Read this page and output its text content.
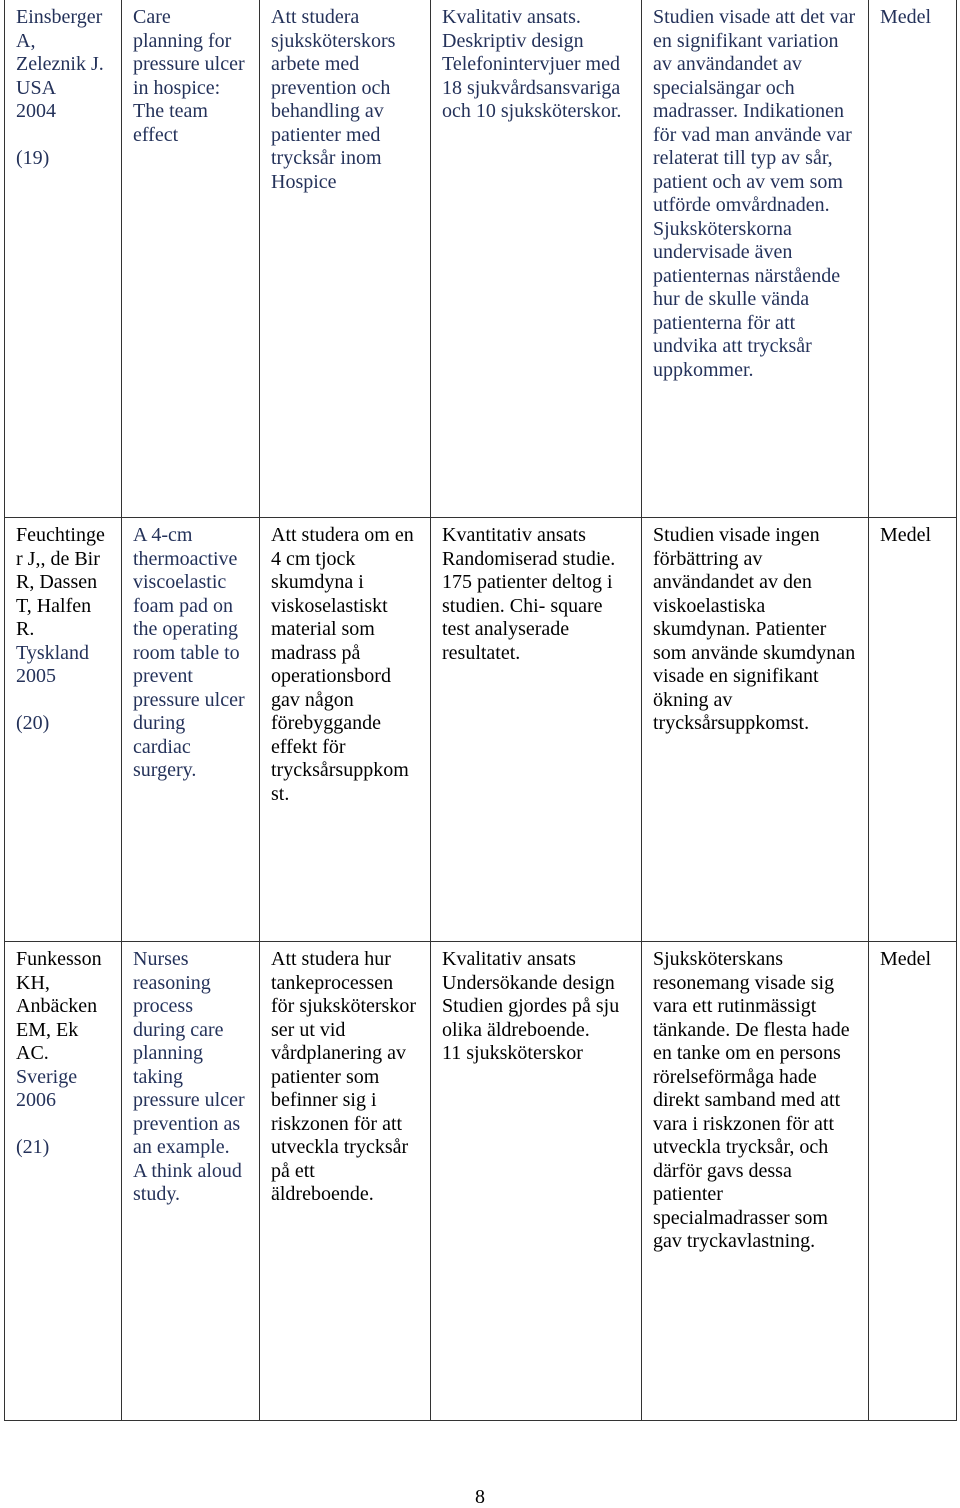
Einsberger
A,
Zeleznik J.
USA
2004

(19)
Care
planning for
pressure ulcer
in hospice:
The team
effect
Att studera
sjuksköterskors
arbete med
prevention och
behandling av
patienter med
trycksår inom
Hospice
Kvalitativ ansats.
Deskriptiv design
Telefonintervjuer med
18 sjukvårdsansvariga
och 10 sjuksköterskor.
Studien visade att det var
en signifikant variation
av användandet av
specialsängar och
madrasser. Indikationen
för vad man använde var
relaterat till typ av sår,
patient och av vem som
utförde omvårdnaden.
Sjuksköterskorna
undervisade även
patienternas närstående
hur de skulle vända
patienterna för att
undvika att trycksår
uppkommer.
Medel
Feuchtinge
r J,, de Bir
R, Dassen
T, Halfen
R.
Tyskland
2005

(20)
A 4-cm
thermoactive
viscoelastic
foam pad on
the operating
room table to
prevent
pressure ulcer
during
cardiac
surgery.
Att studera om en
4 cm tjock
skumdyna i
viskoselastiskt
material som
madrass på
operationsbord
gav någon
förebyggande
effekt för
trycksårsuppkom
st.
Kvantitativ ansats
Randomiserad studie.
175 patienter deltog i
studien. Chi- square
test analyserade
resultatet.
Studien visade ingen
förbättring av
användandet av den
viskoelastiska
skumdynan. Patienter
som använde skumdynan
visade en signifikant
ökning av
trycksårsuppkomst.
Medel
Funkesson
KH,
Anbäcken
EM, Ek
AC.
Sverige
2006

(21)
Nurses
reasoning
process
during care
planning
taking
pressure ulcer
prevention as
an example.
A think aloud
study.
Att studera hur
tankeprocessen
för sjuksköterskor
ser ut vid
vårdplanering av
patienter som
befinner sig i
riskzonen för att
utveckla trycksår
på ett
äldreboende.
Kvalitativ ansats
Undersökande design
Studien gjordes på sju
olika äldreboende.
11 sjuksköterskor
Sjuksköterskans
resonemang visade sig
vara ett rutinmässigt
tänkande. De flesta hade
en tanke om en persons
rörelseförmåga hade
direkt samband med att
vara i riskzonen för att
utveckla trycksår, och
därför gavs dessa
patienter
specialmadrasser som
gav tryckavlastning.
Medel
8
